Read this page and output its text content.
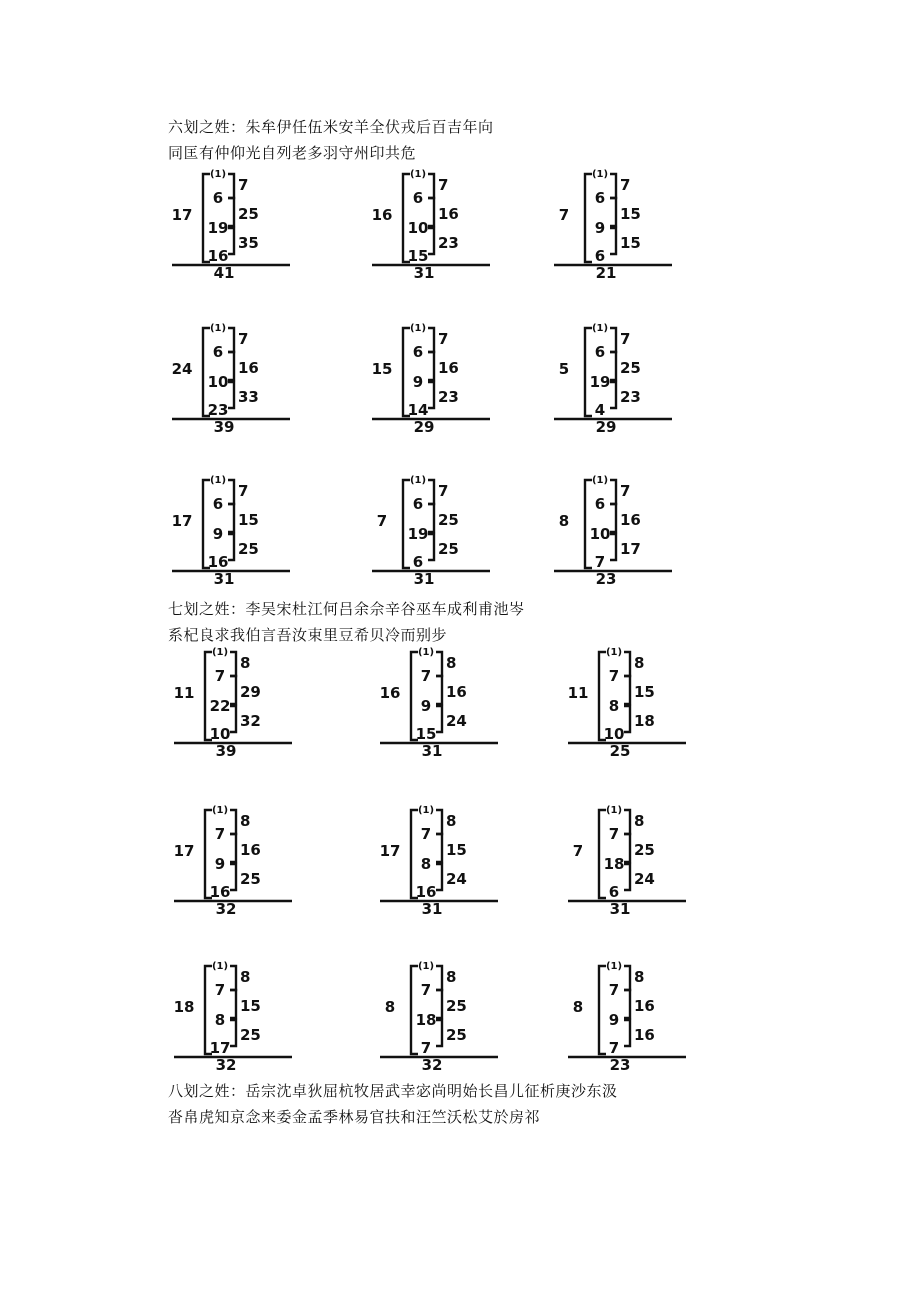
六划之姓：朱牟伊任伍米安羊全伏戎后百吉年向
同匡有仲仰光自列老多羽守州印共危
七划之姓：李吴宋杜江何吕余佘辛谷巫车成利甫池岑
系杞良求我伯言吾汝束里豆希贝冷而别步
八划之姓：岳宗沈卓狄屈杭牧居武幸宓尚明始长昌儿征析庚沙东汲
沓帛虎知京念来委金孟季林易官扶和汪竺沃松艾於房祁
(1)
6
19
16
17
7
25
35
41
(1)
6
10
15
16
7
16
23
31
(1)
6
9
6
7
7
15
15
21
(1)
6
10
23
24
7
16
33
39
(1)
6
9
14
15
7
16
23
29
(1)
6
19
4
5
7
25
23
29
(1)
6
9
16
17
7
15
25
31
(1)
6
19
6
7
7
25
25
31
(1)
6
10
7
8
7
16
17
23
(1)
7
22
10
11
8
29
32
39
(1)
7
9
15
16
8
16
24
31
(1)
7
8
10
11
8
15
18
25
(1)
7
9
16
17
8
16
25
32
(1)
7
8
16
17
8
15
24
31
(1)
7
18
6
7
8
25
24
31
(1)
7
8
17
18
8
15
25
32
(1)
7
18
7
8
8
25
25
32
(1)
7
9
7
8
8
16
16
23
